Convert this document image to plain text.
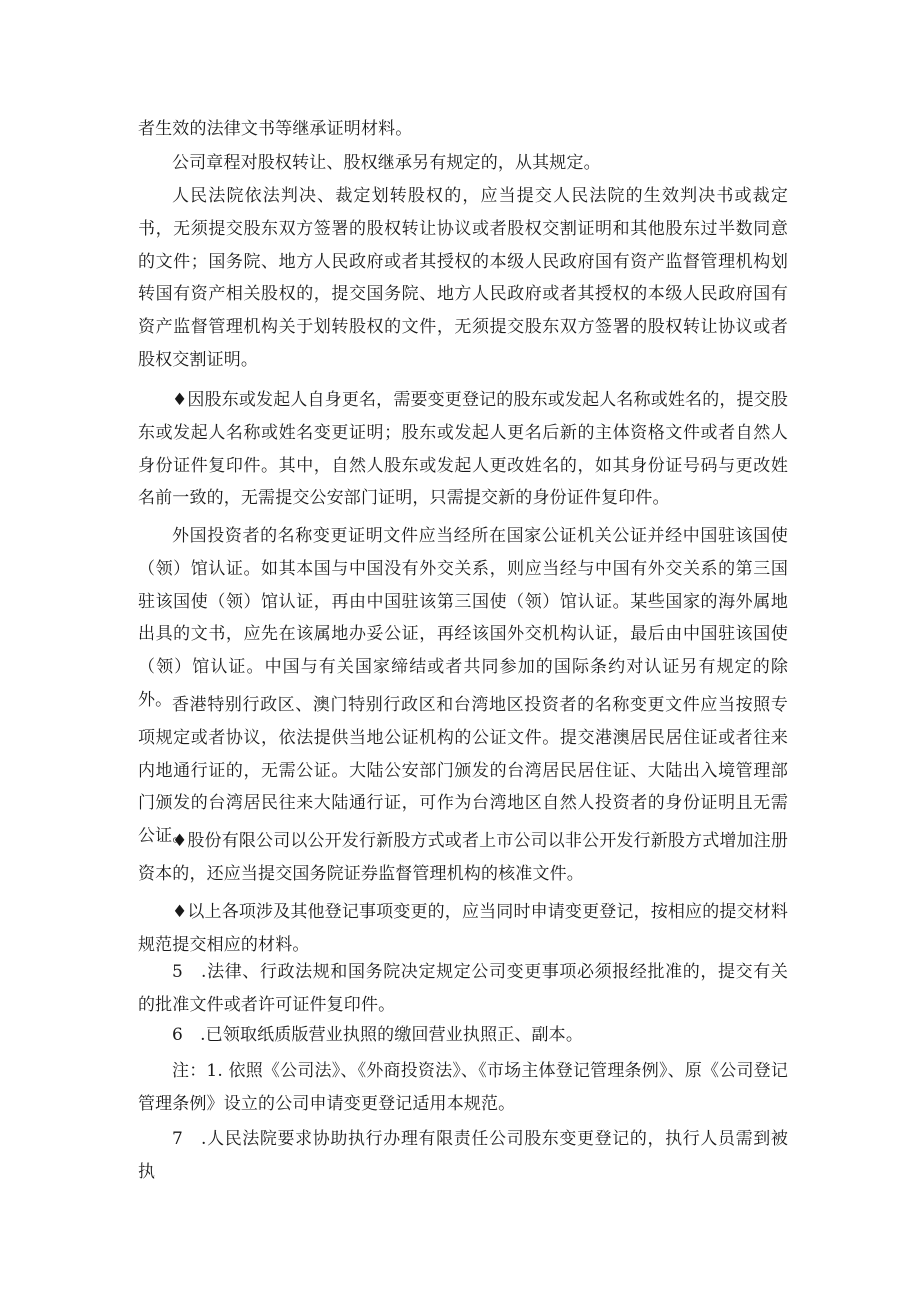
者生效的法律文书等继承证明材料。

公司章程对股权转让、股权继承另有规定的，从其规定。

人民法院依法判决、裁定划转股权的，应当提交人民法院的生效判决书或裁定书，无须提交股东双方签署的股权转让协议或者股权交割证明和其他股东过半数同意的文件；国务院、地方人民政府或者其授权的本级人民政府国有资产监督管理机构划转国有资产相关股权的，提交国务院、地方人民政府或者其授权的本级人民政府国有资产监督管理机构关于划转股权的文件，无须提交股东双方签署的股权转让协议或者股权交割证明。

♦因股东或发起人自身更名，需要变更登记的股东或发起人名称或姓名的，提交股东或发起人名称或姓名变更证明；股东或发起人更名后新的主体资格文件或者自然人身份证件复印件。其中，自然人股东或发起人更改姓名的，如其身份证号码与更改姓名前一致的，无需提交公安部门证明，只需提交新的身份证件复印件。

外国投资者的名称变更证明文件应当经所在国家公证机关公证并经中国驻该国使（领）馆认证。如其本国与中国没有外交关系，则应当经与中国有外交关系的第三国驻该国使（领）馆认证，再由中国驻该第三国使（领）馆认证。某些国家的海外属地出具的文书，应先在该属地办妥公证，再经该国外交机构认证，最后由中国驻该国使（领）馆认证。中国与有关国家缔结或者共同参加的国际条约对认证另有规定的除外。 香港特别行政区、澳门特别行政区和台湾地区投资者的名称变更文件应当按照专项规定或者协议，依法提供当地公证机构的公证文件。提交港澳居民居住证或者往来内地通行证的，无需公证。大陆公安部门颁发的台湾居民居住证、大陆出入境管理部门颁发的台湾居民往来大陆通行证，可作为台湾地区自然人投资者的身份证明且无需公证。

♦股份有限公司以公开发行新股方式或者上市公司以非公开发行新股方式增加注册资本的，还应当提交国务院证券监督管理机构的核准文件。

♦以上各项涉及其他登记事项变更的，应当同时申请变更登记，按相应的提交材料规范提交相应的材料。

5　.法律、行政法规和国务院决定规定公司变更事项必须报经批准的，提交有关的批准文件或者许可证件复印件。

6　.已领取纸质版营业执照的缴回营业执照正、副本。

注：1. 依照《公司法》、《外商投资法》、《市场主体登记管理条例》、原《公司登记管理条例》设立的公司申请变更登记适用本规范。

7　.人民法院要求协助执行办理有限责任公司股东变更登记的，执行人员需到被执
